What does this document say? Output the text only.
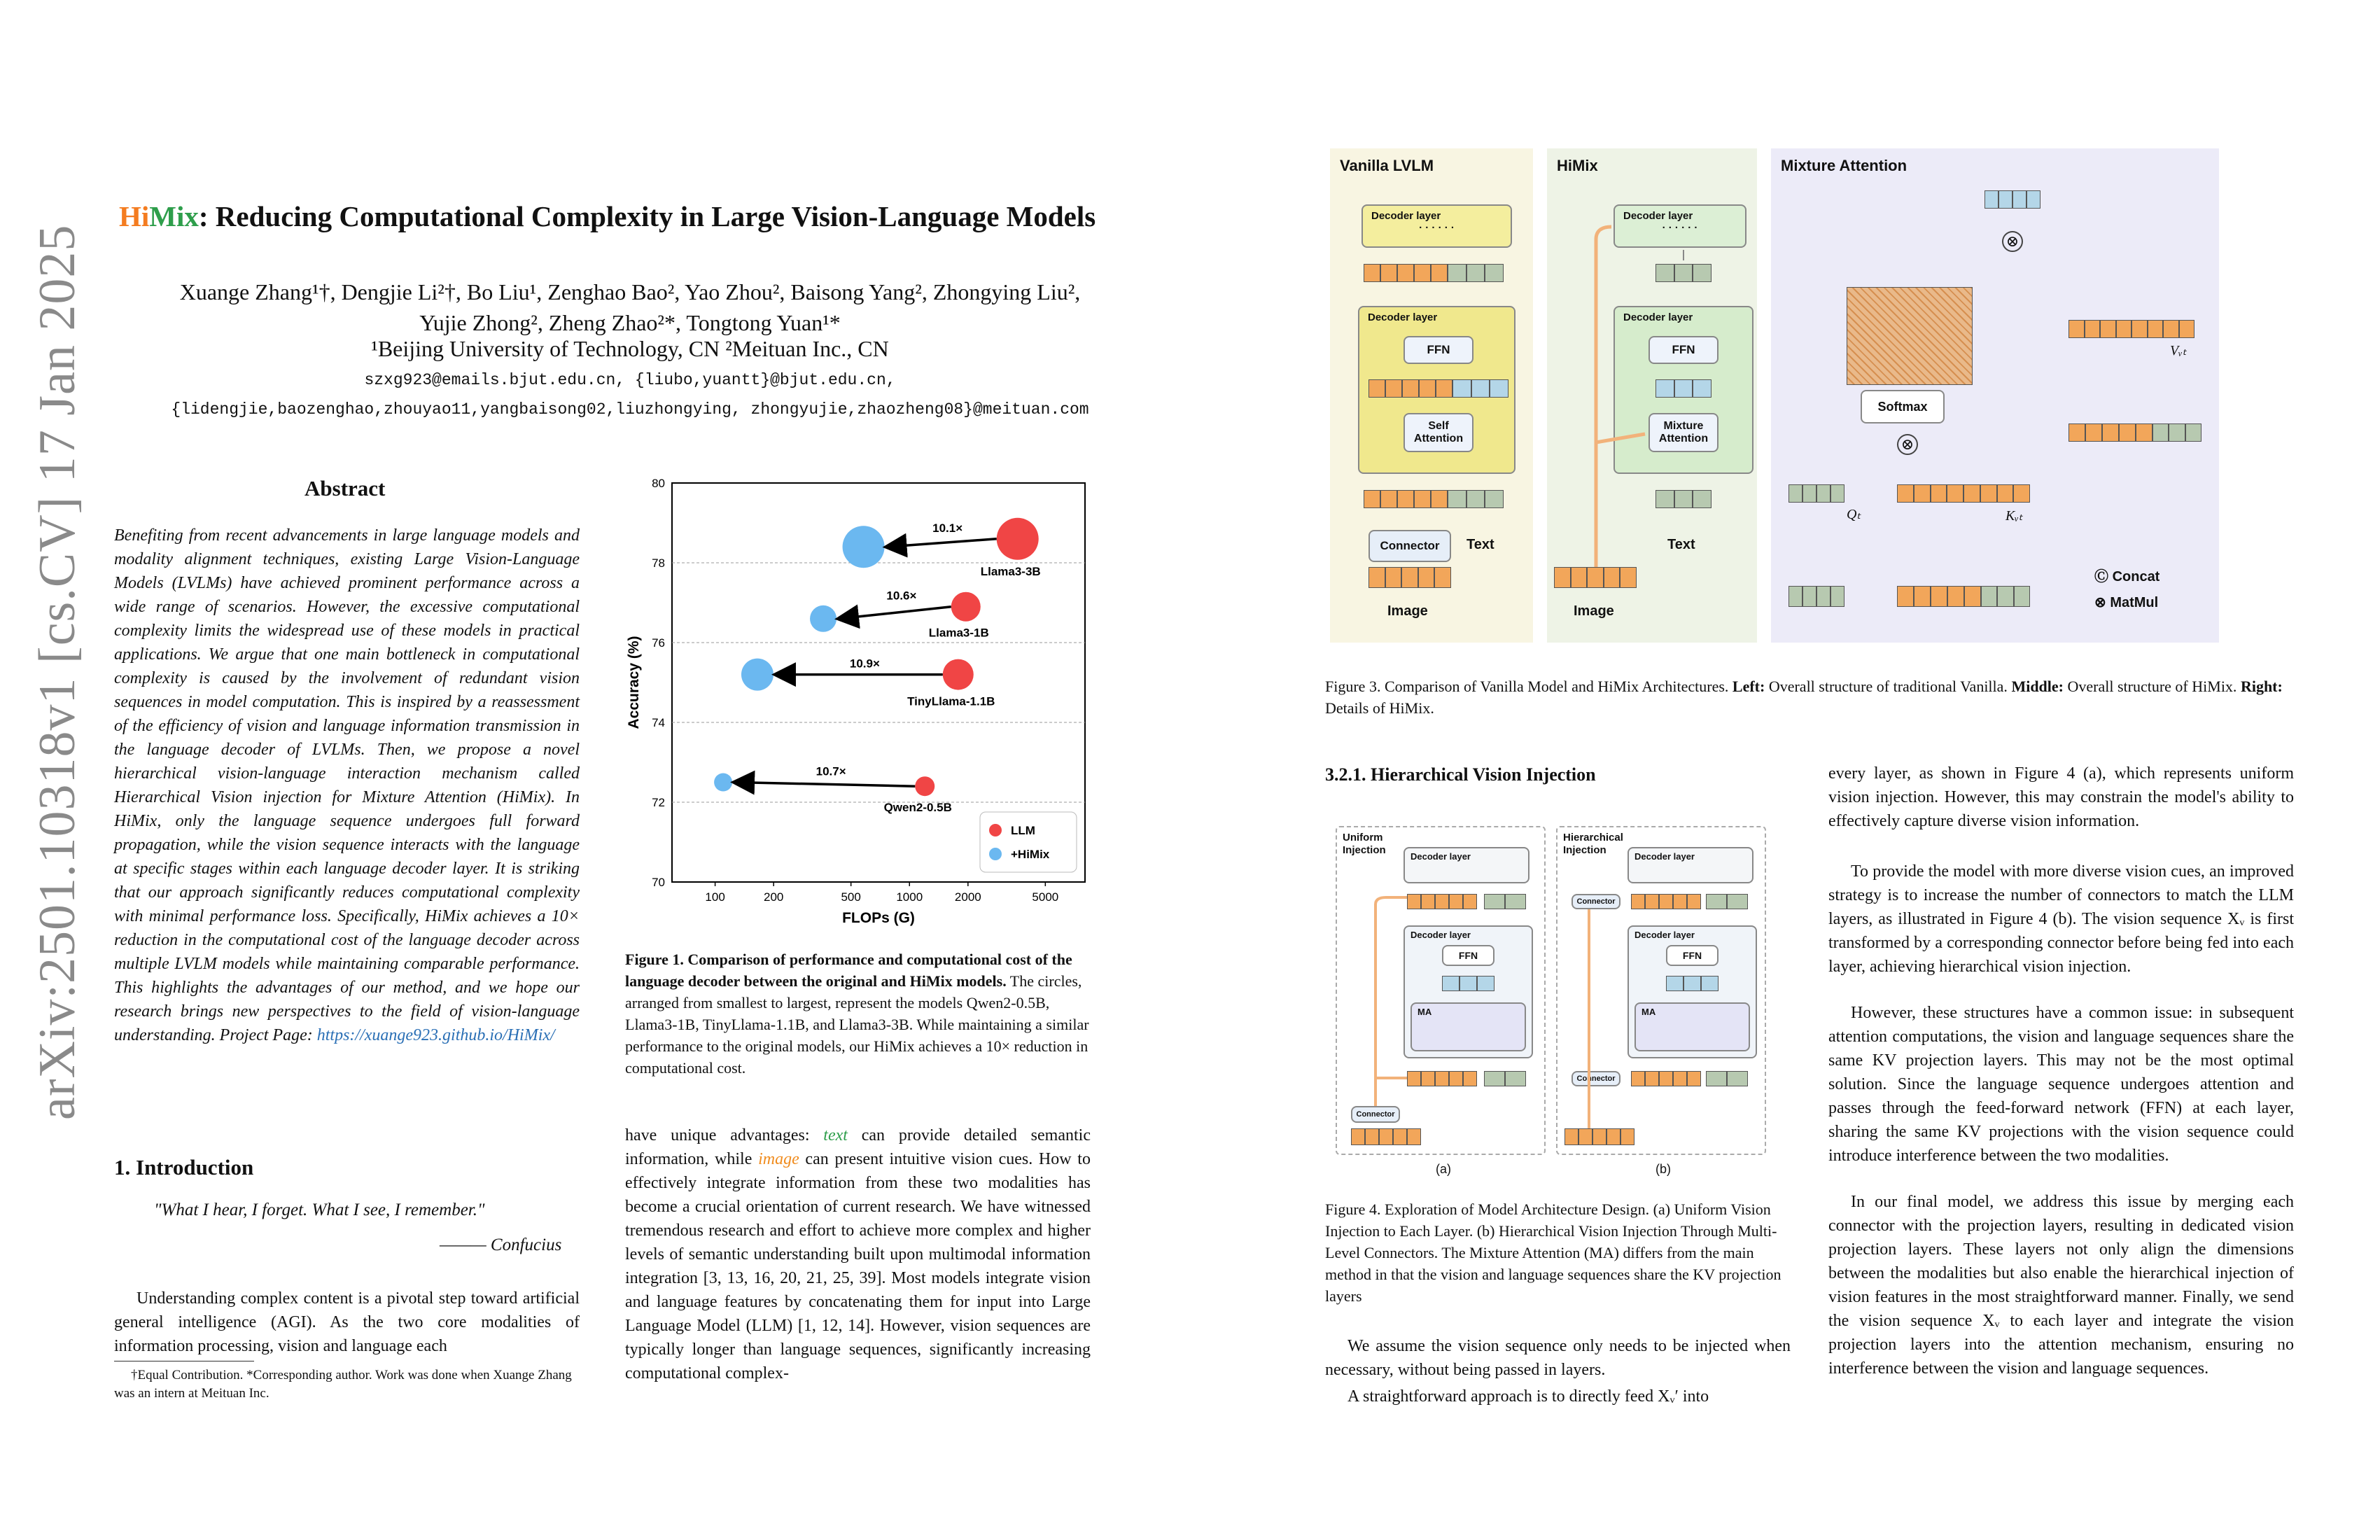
arXiv:2501.10318v1 [cs.CV] 17 Jan 2025
HiMix: Reducing Computational Complexity in Large Vision-Language Models
Xuange Zhang¹†, Dengjie Li²†, Bo Liu¹, Zenghao Bao², Yao Zhou², Baisong Yang², Zhongying Liu²,
Yujie Zhong², Zheng Zhao²*, Tongtong Yuan¹*
¹Beijing University of Technology, CN ²Meituan Inc., CN
szxg923@emails.bjut.edu.cn, {liubo,yuantt}@bjut.edu.cn,
{lidengjie,baozenghao,zhouyao11,yangbaisong02,liuzhongying, zhongyujie,zhaozheng08}@meituan.com
Abstract
Benefiting from recent advancements in large language models and modality alignment techniques, existing Large Vision-Language Models (LVLMs) have achieved prominent performance across a wide range of scenarios. However, the excessive computational complexity limits the widespread use of these models in practical applications. We argue that one main bottleneck in computational complexity is caused by the involvement of redundant vision sequences in model computation. This is inspired by a reassessment of the efficiency of vision and language information transmission in the language decoder of LVLMs. Then, we propose a novel hierarchical vision-language interaction mechanism called Hierarchical Vision injection for Mixture Attention (HiMix). In HiMix, only the language sequence undergoes full forward propagation, while the vision sequence interacts with the language at specific stages within each language decoder layer. It is striking that our approach significantly reduces computational complexity with minimal performance loss. Specifically, HiMix achieves a 10× reduction in the computational cost of the language decoder across multiple LVLM models while maintaining comparable performance. This highlights the advantages of our method, and we hope our research brings new perspectives to the field of vision-language understanding. Project Page: https://xuange923.github.io/HiMix/
1. Introduction
"What I hear, I forget. What I see, I remember."
——— Confucius
Understanding complex content is a pivotal step toward artificial general intelligence (AGI). As the two core modalities of information processing, vision and language each
†Equal Contribution. *Corresponding author. Work was done when Xuange Zhang was an intern at Meituan Inc.
70
72
74
76
78
80
100	200	500	1000	2000	5000
FLOPs (G)
Accuracy (%)
10.1×
Llama3-3B
10.6×
Llama3-1B
10.9×
TinyLlama-1.1B
10.7×
Qwen2-0.5B
LLM
+HiMix
Figure 1. Comparison of performance and computational cost of the language decoder between the original and HiMix models. The circles, arranged from smallest to largest, represent the models Qwen2-0.5B, Llama3-1B, TinyLlama-1.1B, and Llama3-3B. While maintaining a similar performance to the original models, our HiMix achieves a 10× reduction in computational cost.
have unique advantages: text can provide detailed semantic information, while image can present intuitive vision cues. How to effectively integrate information from these two modalities has become a crucial orientation of current research. We have witnessed tremendous research and effort to achieve more complex and higher levels of semantic understanding built upon multimodal information integration [3, 13, 16, 20, 21, 25, 39]. Most models integrate vision and language features by concatenating them for input into Large Language Model (LLM) [1, 12, 14]. However, vision sequences are typically longer than language sequences, significantly increasing computational complex-
Vanilla LVLM
Decoder layer
· · · · · ·
Decoder layer
FFN
Self Attention
Connector	Text
Image
HiMix
Decoder layer
· · · · · ·
Decoder layer
FFN
Mixture Attention
Text
Image
Mixture Attention
⊗
Vᵥₜ
Softmax
⊗
Qₜ	Kᵥₜ
Ⓒ Concat
⊗ MatMul
Figure 3. Comparison of Vanilla Model and HiMix Architectures. Left: Overall structure of traditional Vanilla. Middle: Overall structure of HiMix. Right: Details of HiMix.
3.2.1. Hierarchical Vision Injection
Uniform Injection
Decoder layer
Decoder layer
FFN
MA
Connector
(a)
Hierarchical Injection
Decoder layer
Connector
Decoder layer
FFN
MA
Connector
(b)
Figure 4. Exploration of Model Architecture Design. (a) Uniform Vision Injection to Each Layer. (b) Hierarchical Vision Injection Through Multi-Level Connectors. The Mixture Attention (MA) differs from the main method in that the vision and language sequences share the KV projection layers
We assume the vision sequence only needs to be injected when necessary, without being passed in layers.
A straightforward approach is to directly feed Xᵥ′ into
every layer, as shown in Figure 4 (a), which represents uniform vision injection. However, this may constrain the model's ability to effectively capture diverse vision information.
To provide the model with more diverse vision cues, an improved strategy is to increase the number of connectors to match the LLM layers, as illustrated in Figure 4 (b). The vision sequence Xᵥ is first transformed by a corresponding connector before being fed into each layer, achieving hierarchical vision injection.
However, these structures have a common issue: in subsequent attention computations, the vision and language sequences share the same KV projection layers. This may not be the most optimal solution. Since the language sequence undergoes attention and passes through the feed-forward network (FFN) at each layer, sharing the same KV projections with the vision sequence could introduce interference between the two modalities.
In our final model, we address this issue by merging each connector with the projection layers, resulting in dedicated vision projection layers. These layers not only align the dimensions between the modalities but also enable the hierarchical injection of vision features in the most straightforward manner. Finally, we send the vision sequence Xᵥ to each layer and integrate the vision projection layers into the attention mechanism, ensuring no interference between the vision and language sequences.
